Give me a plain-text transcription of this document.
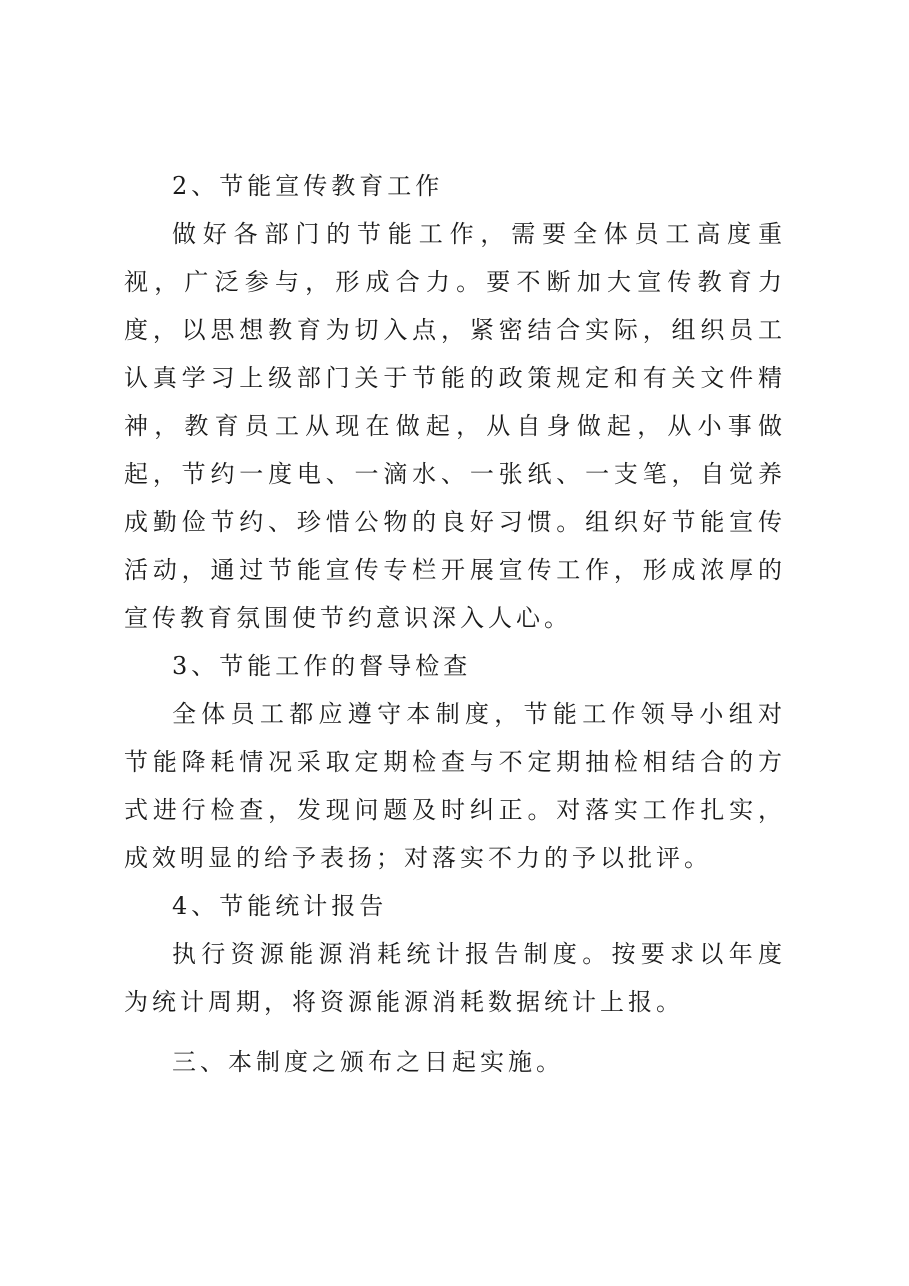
2、节能宣传教育工作

做好各部门的节能工作，需要全体员工高度重视，广泛参与，形成合力。要不断加大宣传教育力度，以思想教育为切入点，紧密结合实际，组织员工认真学习上级部门关于节能的政策规定和有关文件精神，教育员工从现在做起，从自身做起，从小事做起，节约一度电、一滴水、一张纸、一支笔，自觉养成勤俭节约、珍惜公物的良好习惯。组织好节能宣传活动，通过节能宣传专栏开展宣传工作，形成浓厚的宣传教育氛围使节约意识深入人心。

3、节能工作的督导检查

全体员工都应遵守本制度，节能工作领导小组对节能降耗情况采取定期检查与不定期抽检相结合的方式进行检查，发现问题及时纠正。对落实工作扎实，成效明显的给予表扬；对落实不力的予以批评。

4、节能统计报告

执行资源能源消耗统计报告制度。按要求以年度为统计周期，将资源能源消耗数据统计上报。

三、本制度之颁布之日起实施。
